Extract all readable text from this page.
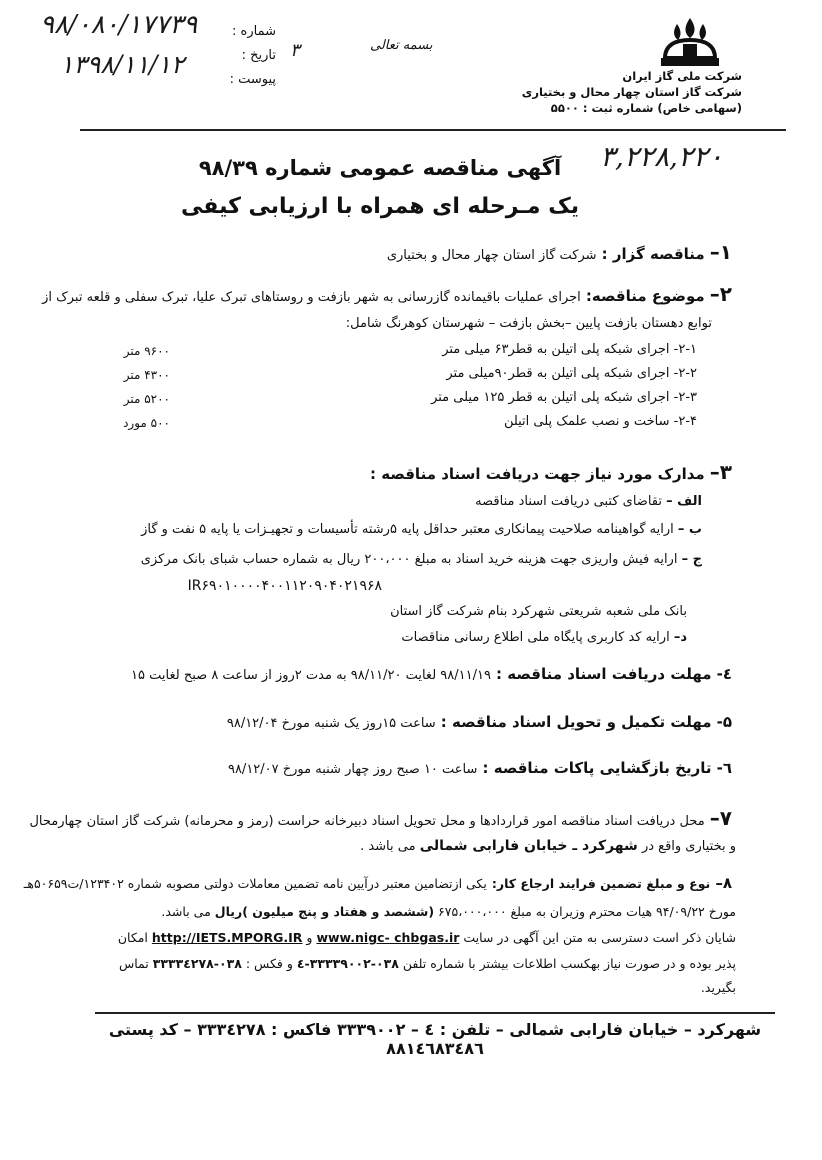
شرکت ملی گاز ایران
شرکت گاز استان چهار محال و بختیاری
(سهامی خاص) شماره ثبت : ۵۵۰۰
بسمه تعالی
شماره :
تاریخ :
پیوست :
۹۸/۰۸۰/۱۷۷۳۹
۱۳۹۸/۱۱/۱۲	۳
۳,۲۲۸,۲۲۰
آگهی مناقصه عمومی شماره ۹۸/۳۹
یک مـرحله ای همراه با ارزیابی کیفی
۱– مناقصه گزار : شرکت گاز استان چهار محال و بختیاری
۲– موضوع مناقصه: اجرای عملیات باقیمانده گازرسانی به شهر بازفت و روستاهای تبرک علیا، تبرک سفلی و قلعه تبرک از
توابع دهستان بازفت پایین –بخش بازفت – شهرستان کوهرنگ شامل:
۲-۱- اجرای شبکه پلی اتیلن به قطر۶۳ میلی متر
۹۶۰۰ متر
۲-۲- اجرای شبکه پلی اتیلن به قطر۹۰میلی متر
۴۳۰۰ متر
۲-۳- اجرای شبکه پلی اتیلن به قطر ۱۲۵ میلی متر
۵۲۰۰ متر
۲-۴- ساخت و نصب علمک پلی اتیلن
۵۰۰ مورد
۳– مدارک مورد نیاز جهت دریافت اسناد مناقصه :
الف – تقاضای کتبی دریافت اسناد مناقصه
ب – ارایه گواهینامه صلاحیت پیمانکاری معتبر حداقل پایه ۵رشته تأسیسات و تجهیـزات یا پایه ۵ نفت و گاز
ج – ارایه فیش واریزی جهت هزینه خرید اسناد به مبلغ ۲۰۰،۰۰۰ ریال به شماره حساب شبای بانک مرکزی
IR۶۹۰۱۰۰۰۰۴۰۰۱۱۲۰۹۰۴۰۲۱۹۶۸
بانک ملی شعبه شریعتی شهرکرد بنام شرکت گاز استان
د– ارایه کد کاربری پایگاه ملی اطلاع رسانی مناقصات
٤- مهلت دریافت اسناد مناقصه : ۹۸/۱۱/۱۹ لغایت ۹۸/۱۱/۲۰ به مدت ۲روز از ساعت ۸ صبح لغایت ۱۵
۵- مهلت تکمیل و تحویل اسناد مناقصه : ساعت ۱۵روز یک شنبه مورخ ۹۸/۱۲/۰۴
٦- تاریخ بازگشایی پاکات مناقصه : ساعت ۱۰ صبح روز چهار شنبه مورخ ۹۸/۱۲/۰۷
۷– محل دریافت اسناد مناقصه امور قراردادها و محل تحویل اسناد دبیرخانه حراست (رمز و محرمانه) شرکت گاز استان چهارمحال
و بختیاری واقع در شهرکرد ـ خیابان فارابی شمالی می باشد .
۸– نوع و مبلغ تضمین فرایند ارجاع کار: یکی ازتضامین معتبر درآیین نامه تضمین معاملات دولتی مصوبه شماره ۱۲۳۴۰۲/ت۵۰۶۵۹هـ
مورخ ۹۴/۰۹/۲۲ هیات محترم وزیران به مبلغ ۶۷۵،۰۰۰،۰۰۰ (ششصد و هفتاد و پنج میلیون )ریال می باشد.
شایان ذکر است دسترسی به متن این آگهی در سایت www.nigc- chbgas.ir و http://IETS.MPORG.IR امکان
پذیر بوده و در صورت نیاز بهکسب اطلاعات بیشتر با شماره تلفن ۰۳۸-۳۳۳۳۹۰۰۲-٤ و فکس : ۰۳۸-۳۳۳۳٤۲۷۸ تماس
بگیرید.
شهرکرد – خیابان فارابی شمالی – تلفن : ٤ – ۳۳۳۹۰۰۲ فاکس : ۳۳۳٤۲۷۸ – کد پستی ۸۸۱٤٦۸۳٤۸٦
